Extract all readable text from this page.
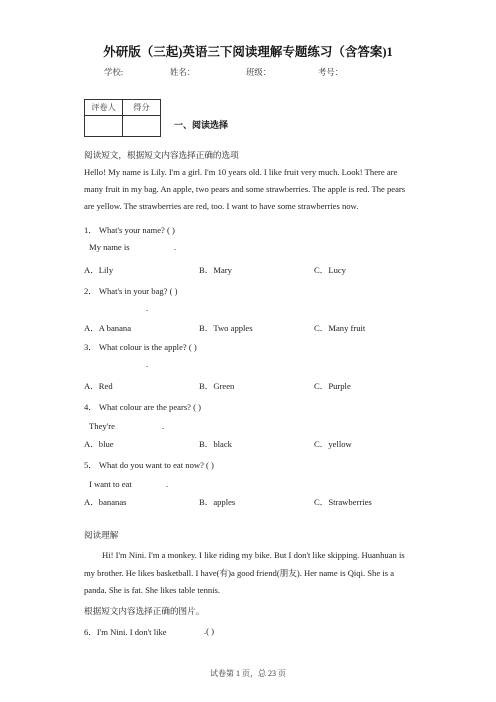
外研版（三起)英语三下阅读理解专题练习（含答案)1
学校:	姓名：	班级：	考号：
评卷人	得分

一、阅读选择
阅读短文，根据短文内容选择正确的选项
Hello! My name is Lily. I'm a girl. I'm 10 years old. I like fruit very much. Look! There are
many fruit in my bag. An apple, two pears and some strawberries. The apple is red. The pears
are yellow. The strawberries are red, too. I want to have some strawberries now.
1． What's your name? ( )
My name is	.
A．Lily	B．Mary	C．Lucy
2． What's in your bag? ( )
.
A．A banana	B．Two apples	C．Many fruit
3． What colour is the apple? ( )
.
A．Red	B．Green	C．Purple
4． What colour are the pears? ( )
They're	.
A．blue	B．black	C．yellow
5． What do you want to eat now? ( )
I want to eat	.
A．bananas	B．apples	C．Strawberries
阅读理解
Hi! I'm Nini. I'm a monkey. I like riding my bike. But I don't like skipping. Huanhuan is
my brother. He likes basketball. I have(有)a good friend(朋友). Her name is Qiqi. She is a
panda. She is fat. She likes table tennis.
根据短文内容选择正确的图片。
6．I'm Nini. I don't like	.( )
试卷第 1 页，总 23 页
